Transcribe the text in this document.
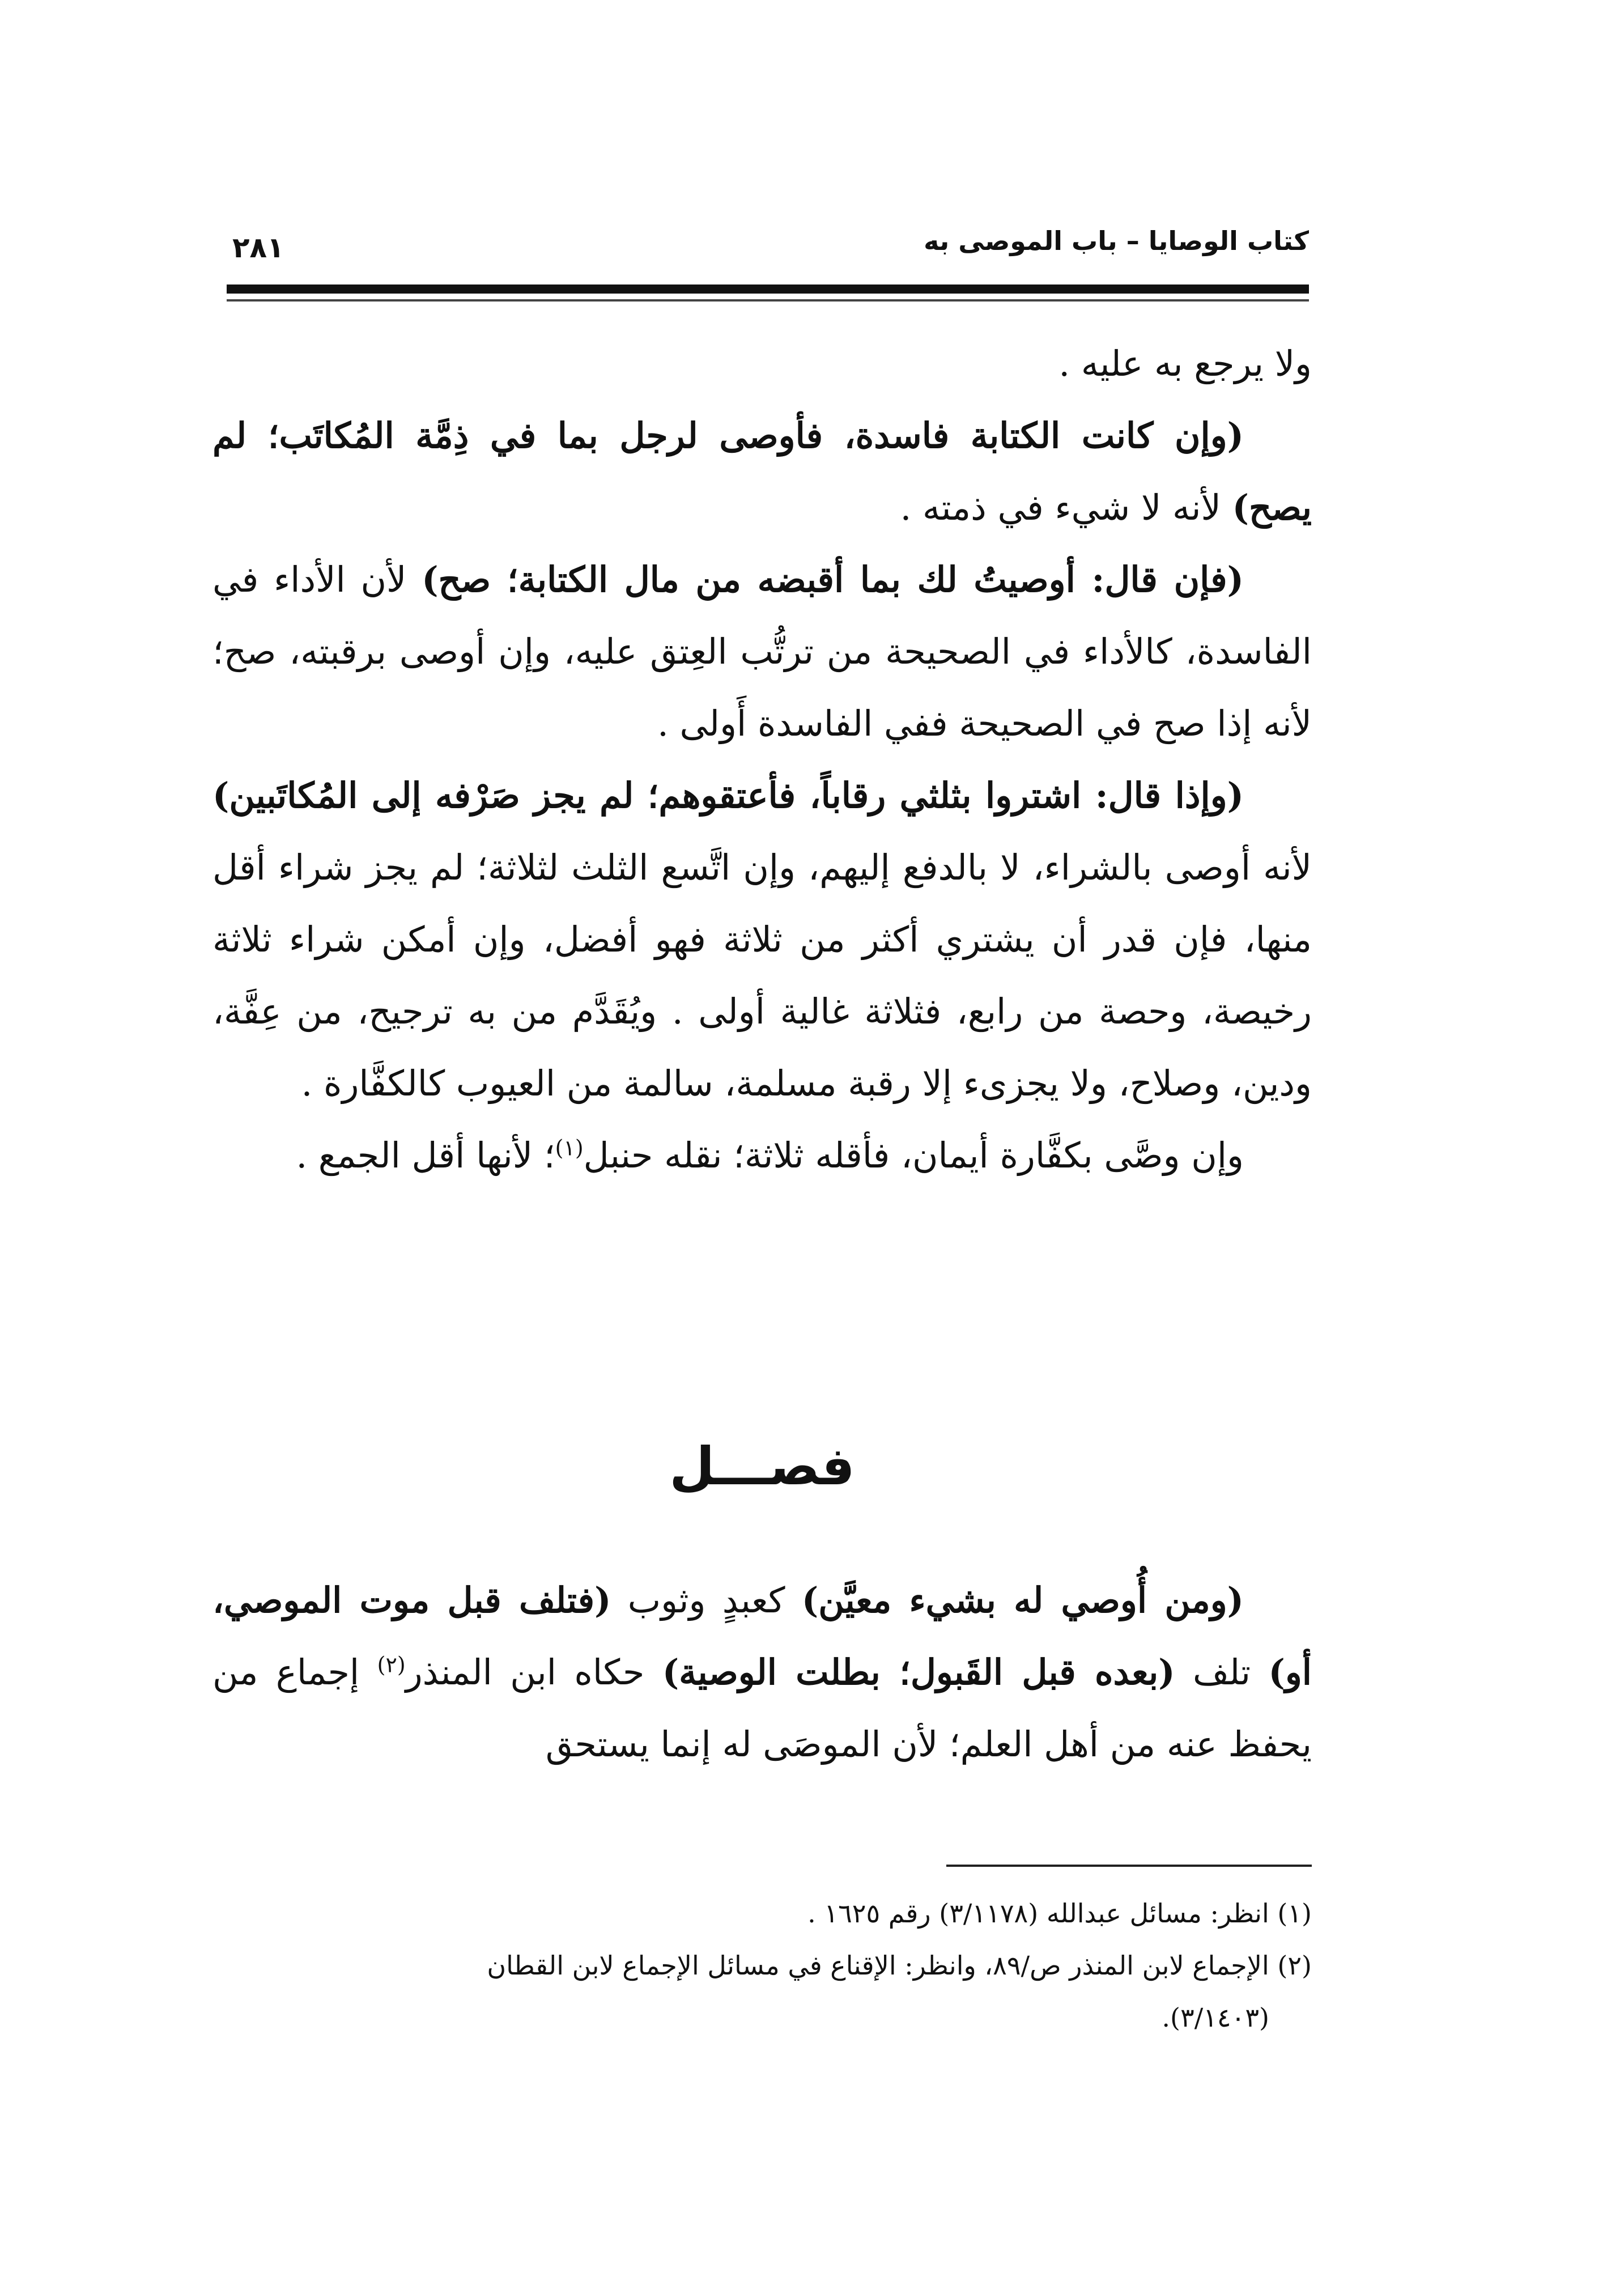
كتاب الوصايا – باب الموصى به
٢٨١

ولا يرجع به عليه .

(وإن كانت الكتابة فاسدة، فأوصى لرجل بما في ذِمَّة المُكاتَب؛ لم يصح) لأنه لا شيء في ذمته .

(فإن قال: أوصيتُ لك بما أقبضه من مال الكتابة؛ صح) لأن الأداء في الفاسدة، كالأداء في الصحيحة من ترتُّب العِتق عليه، وإن أوصى برقبته، صح؛ لأنه إذا صح في الصحيحة ففي الفاسدة أَولى .

(وإذا قال: اشتروا بثلثي رقاباً، فأعتقوهم؛ لم يجز صَرْفه إلى المُكاتَبين) لأنه أوصى بالشراء، لا بالدفع إليهم، وإن اتَّسع الثلث لثلاثة؛ لم يجز شراء أقل منها، فإن قدر أن يشتري أكثر من ثلاثة فهو أفضل، وإن أمكن شراء ثلاثة رخيصة، وحصة من رابع، فثلاثة غالية أولى . ويُقَدَّم من به ترجيح، من عِفَّة، ودين، وصلاح، ولا يجزىء إلا رقبة مسلمة، سالمة من العيوب كالكفَّارة .

وإن وصَّى بكفَّارة أيمان، فأقله ثلاثة؛ نقله حنبل$^{(١)}$؛ لأنها أقل الجمع .

فصـــل

(ومن أُوصي له بشيء معيَّن) كعبدٍ وثوب (فتلف قبل موت الموصي، أو) تلف (بعده قبل القَبول؛ بطلت الوصية) حكاه ابن المنذر$^{(٢)}$ إجماع من يحفظ عنه من أهل العلم؛ لأن الموصَى له إنما يستحق

(١) انظر: مسائل عبدالله (٣/١١٧٨) رقم ١٦٢٥ .

(٢) الإجماع لابن المنذر ص/٨٩، وانظر: الإقناع في مسائل الإجماع لابن القطان

(٣/١٤٠٣).
